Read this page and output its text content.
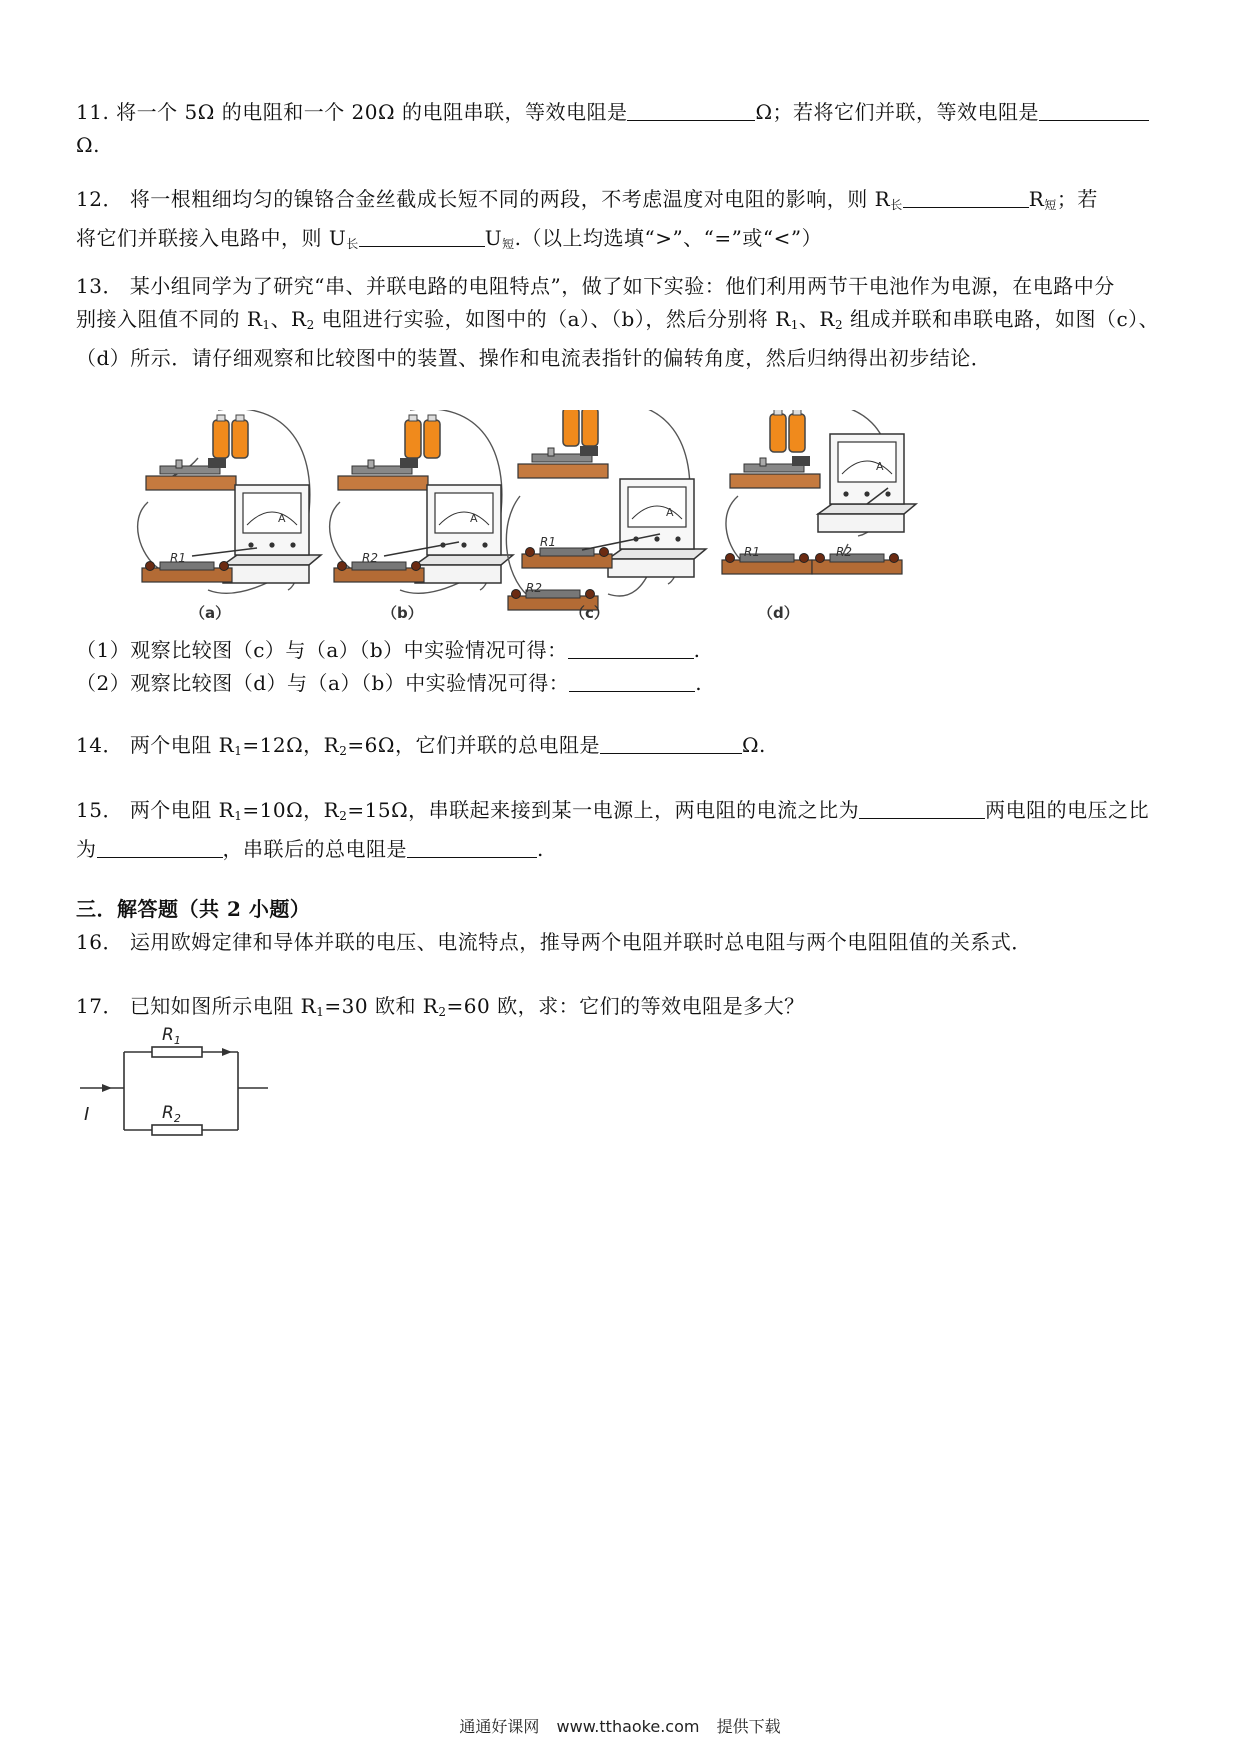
11. 将一个 5Ω 的电阻和一个 20Ω 的电阻串联，等效电阻是	Ω；若将它们并联，等效电阻是
Ω.
12． 将一根粗细均匀的镍铬合金丝截成长短不同的两段，不考虑温度对电阻的影响，则 $R_长$	$R_短$；若
将它们并联接入电路中，则 $U_长$	$U_短$.（以上均选填“>”、“=”或“<”）
13． 某小组同学为了研究“串、并联电路的电阻特点”，做了如下实验：他们利用两节干电池作为电源，在电路中分
别接入阻值不同的 $R_1$、$R_2$ 电阻进行实验，如图中的（a）、（b），然后分别将 $R_1$、$R_2$ 组成并联和串联电路，如图（c）、
（d）所示．请仔细观察和比较图中的装置、操作和电流表指针的偏转角度，然后归纳得出初步结论．
R1
A
（a）
R2
A
（b）
R1
R2
A
（c）
R1	R2
A
（d）
（1）观察比较图（c）与（a）（b）中实验情况可得：	.
（2）观察比较图（d）与（a）（b）中实验情况可得：	.
14． 两个电阻 $R_1=12\Omega$，$R_2=6\Omega$，它们并联的总电阻是	Ω.
15． 两个电阻 $R_1=10\Omega$，$R_2=15\Omega$，串联起来接到某一电源上，两电阻的电流之比为	两电阻的电压之比
为	，串联后的总电阻是	.
三．解答题（共 2 小题）
16． 运用欧姆定律和导体并联的电压、电流特点，推导两个电阻并联时总电阻与两个电阻阻值的关系式．
17． 已知如图所示电阻 $R_1=30$ 欧和 $R_2=60$ 欧，求：它们的等效电阻是多大？
$R_1$
$R_2$
I
通通好课网 www.tthaoke.com 提供下载
